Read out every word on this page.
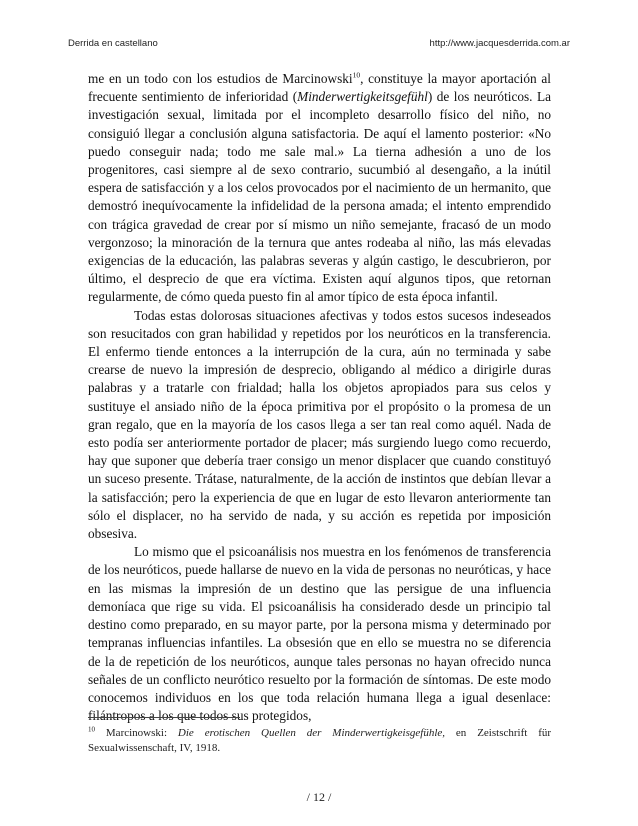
Derrida en castellano	http://www.jacquesderrida.com.ar

me en un todo con los estudios de Marcinowski$^{10}$, constituye la mayor aportación al frecuente sentimiento de inferioridad (Minderwertigkeitsgefühl) de los neuróticos. La investigación sexual, limitada por el incompleto desarrollo físico del niño, no consiguió llegar a conclusión alguna satisfactoria. De aquí el lamento posterior: «No puedo conseguir nada; todo me sale mal.» La tierna adhesión a uno de los progenitores, casi siempre al de sexo contrario, sucumbió al desengaño, a la inútil espera de satisfacción y a los celos provocados por el nacimiento de un hermanito, que demostró inequívocamente la infidelidad de la persona amada; el intento emprendido con trágica gravedad de crear por sí mismo un niño semejante, fracasó de un modo vergonzoso; la minoración de la ternura que antes rodeaba al niño, las más elevadas exigencias de la educación, las palabras severas y algún castigo, le descubrieron, por último, el desprecio de que era víctima. Existen aquí algunos tipos, que retornan regularmente, de cómo queda puesto fin al amor típico de esta época infantil.

Todas estas dolorosas situaciones afectivas y todos estos sucesos indeseados son resucitados con gran habilidad y repetidos por los neuróticos en la transferencia. El enfermo tiende entonces a la interrupción de la cura, aún no terminada y sabe crearse de nuevo la impresión de desprecio, obligando al médico a dirigirle duras palabras y a tratarle con frialdad; halla los objetos apropiados para sus celos y sustituye el ansiado niño de la época primitiva por el propósito o la promesa de un gran regalo, que en la mayoría de los casos llega a ser tan real como aquél. Nada de esto podía ser anteriormente portador de placer; más surgiendo luego como recuerdo, hay que suponer que debería traer consigo un menor displacer que cuando constituyó un suceso presente. Trátase, naturalmente, de la acción de instintos que debían llevar a la satisfacción; pero la experiencia de que en lugar de esto llevaron anteriormente tan sólo el displacer, no ha servido de nada, y su acción es repetida por imposición obsesiva.

Lo mismo que el psicoanálisis nos muestra en los fenómenos de transferencia de los neuróticos, puede hallarse de nuevo en la vida de personas no neuróticas, y hace en las mismas la impresión de un destino que las persigue de una influencia demoníaca que rige su vida. El psicoanálisis ha considerado desde un principio tal destino como preparado, en su mayor parte, por la persona misma y determinado por tempranas influencias infantiles. La obsesión que en ello se muestra no se diferencia de la de repetición de los neuróticos, aunque tales personas no hayan ofrecido nunca señales de un conflicto neurótico resuelto por la formación de síntomas. De este modo conocemos individuos en los que toda relación humana llega a igual desenlace: filántropos a los que todos sus protegidos,

$^{10}$ Marcinowski: Die erotischen Quellen der Minderwertigkeisgefühle, en Zeistschrift für Sexualwissenschaft, IV, 1918.

/ 12 /
